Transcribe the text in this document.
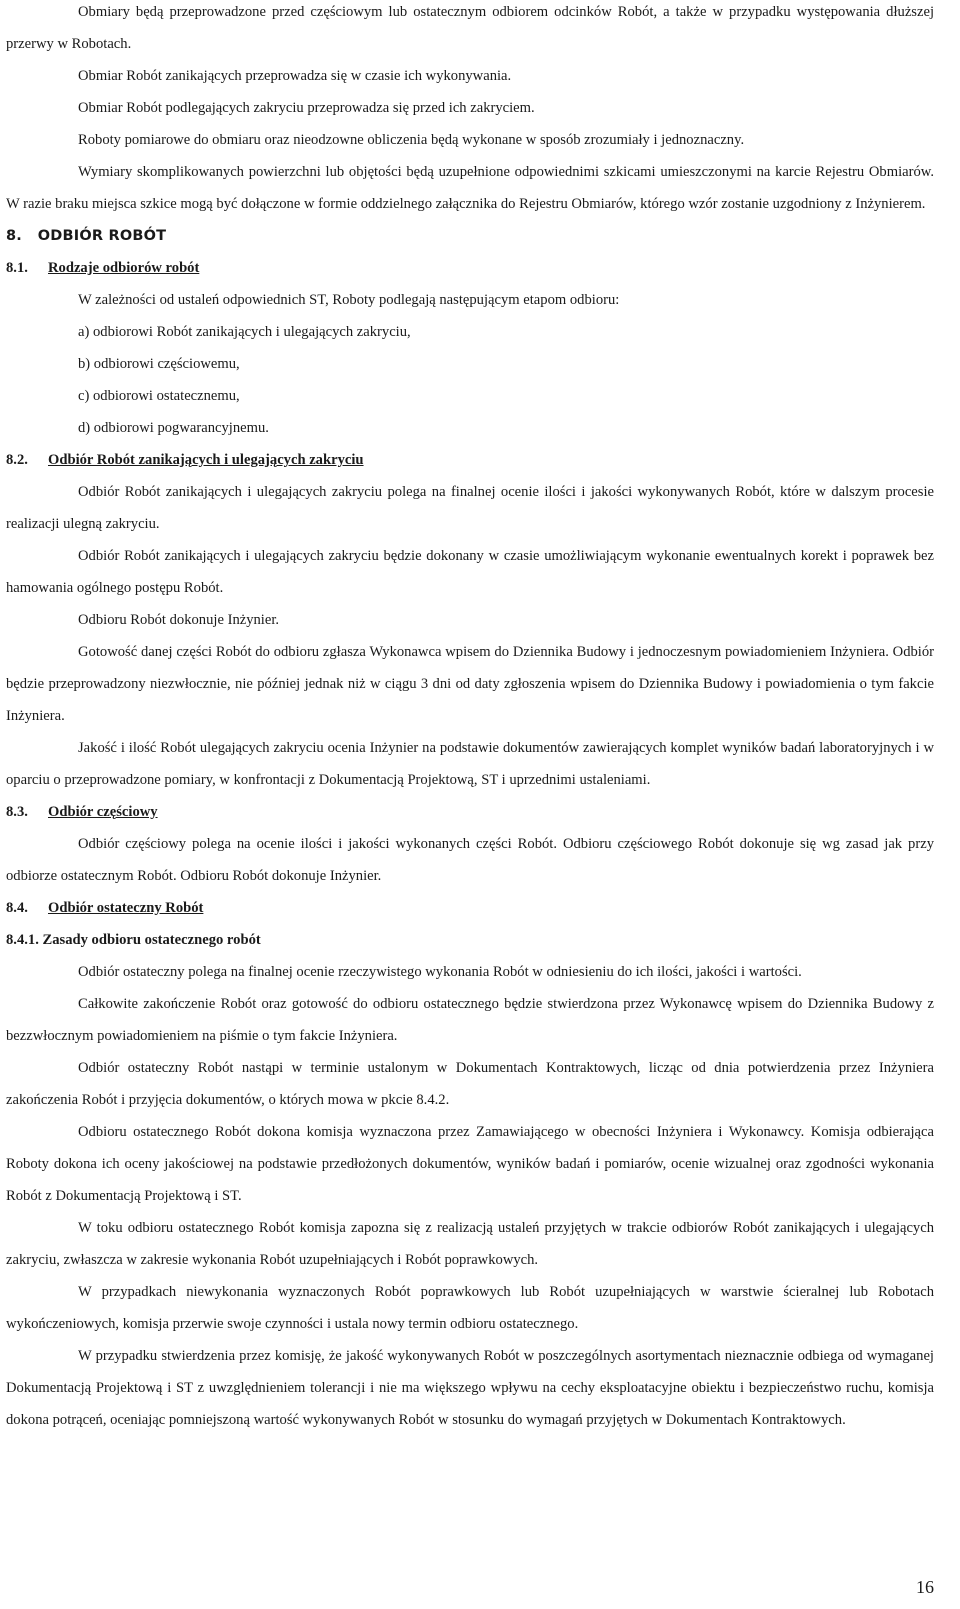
Obmiary będą przeprowadzone przed częściowym lub ostatecznym odbiorem odcinków Robót, a także w przypadku występowania dłuższej przerwy w Robotach.

Obmiar Robót zanikających przeprowadza się w czasie ich wykonywania.

Obmiar Robót podlegających zakryciu przeprowadza się przed ich zakryciem.

Roboty pomiarowe do obmiaru oraz nieodzowne obliczenia będą wykonane w sposób zrozumiały i jednoznaczny.

Wymiary skomplikowanych powierzchni lub objętości będą uzupełnione odpowiednimi szkicami umieszczonymi na karcie Rejestru Obmiarów. W razie braku miejsca szkice mogą być dołączone w formie oddzielnego załącznika do Rejestru Obmiarów, którego wzór zostanie uzgodniony z Inżynierem.

8. ODBIÓR ROBÓT
8.1. Rodzaje odbiorów robót

W zależności od ustaleń odpowiednich ST, Roboty podlegają następującym etapom odbioru:

a) odbiorowi Robót zanikających i ulegających zakryciu,
b) odbiorowi częściowemu,
c) odbiorowi ostatecznemu,
d) odbiorowi pogwarancyjnemu.
8.2. Odbiór Robót zanikających i ulegających zakryciu

Odbiór Robót zanikających i ulegających zakryciu polega na finalnej ocenie ilości i jakości wykonywanych Robót, które w dalszym procesie realizacji ulegną zakryciu.

Odbiór Robót zanikających i ulegających zakryciu będzie dokonany w czasie umożliwiającym wykonanie ewentualnych korekt i poprawek bez hamowania ogólnego postępu Robót.

Odbioru Robót dokonuje Inżynier.

Gotowość danej części Robót do odbioru zgłasza Wykonawca wpisem do Dziennika Budowy i jednoczesnym powiadomieniem Inżyniera. Odbiór będzie przeprowadzony niezwłocznie, nie później jednak niż w ciągu 3 dni od daty zgłoszenia wpisem do Dziennika Budowy i powiadomienia o tym fakcie Inżyniera.

Jakość i ilość Robót ulegających zakryciu ocenia Inżynier na podstawie dokumentów zawierających komplet wyników badań laboratoryjnych i w oparciu o przeprowadzone pomiary, w konfrontacji z Dokumentacją Projektową, ST i uprzednimi ustaleniami.

8.3. Odbiór częściowy

Odbiór częściowy polega na ocenie ilości i jakości wykonanych części Robót. Odbioru częściowego Robót dokonuje się wg zasad jak przy odbiorze ostatecznym Robót. Odbioru Robót dokonuje Inżynier.

8.4. Odbiór ostateczny Robót
8.4.1. Zasady odbioru ostatecznego robót

Odbiór ostateczny polega na finalnej ocenie rzeczywistego wykonania Robót w odniesieniu do ich ilości, jakości i wartości.

Całkowite zakończenie Robót oraz gotowość do odbioru ostatecznego będzie stwierdzona przez Wykonawcę wpisem do Dziennika Budowy z bezzwłocznym powiadomieniem na piśmie o tym fakcie Inżyniera.

Odbiór ostateczny Robót nastąpi w terminie ustalonym w Dokumentach Kontraktowych, licząc od dnia potwierdzenia przez Inżyniera zakończenia Robót i przyjęcia dokumentów, o których mowa w pkcie 8.4.2.

Odbioru ostatecznego Robót dokona komisja wyznaczona przez Zamawiającego w obecności Inżyniera i Wykonawcy. Komisja odbierająca Roboty dokona ich oceny jakościowej na podstawie przedłożonych dokumentów, wyników badań i pomiarów, ocenie wizualnej oraz zgodności wykonania Robót z Dokumentacją Projektową i ST.

W toku odbioru ostatecznego Robót komisja zapozna się z realizacją ustaleń przyjętych w trakcie odbiorów Robót zanikających i ulegających zakryciu, zwłaszcza w zakresie wykonania Robót uzupełniających i Robót poprawkowych.

W przypadkach niewykonania wyznaczonych Robót poprawkowych lub Robót uzupełniających w warstwie ścieralnej lub Robotach wykończeniowych, komisja przerwie swoje czynności i ustala nowy termin odbioru ostatecznego.

W przypadku stwierdzenia przez komisję, że jakość wykonywanych Robót w poszczególnych asortymentach nieznacznie odbiega od wymaganej Dokumentacją Projektową i ST z uwzględnieniem tolerancji i nie ma większego wpływu na cechy eksploatacyjne obiektu i bezpieczeństwo ruchu, komisja dokona potrąceń, oceniając pomniejszoną wartość wykonywanych Robót w stosunku do wymagań przyjętych w Dokumentach Kontraktowych.

16
